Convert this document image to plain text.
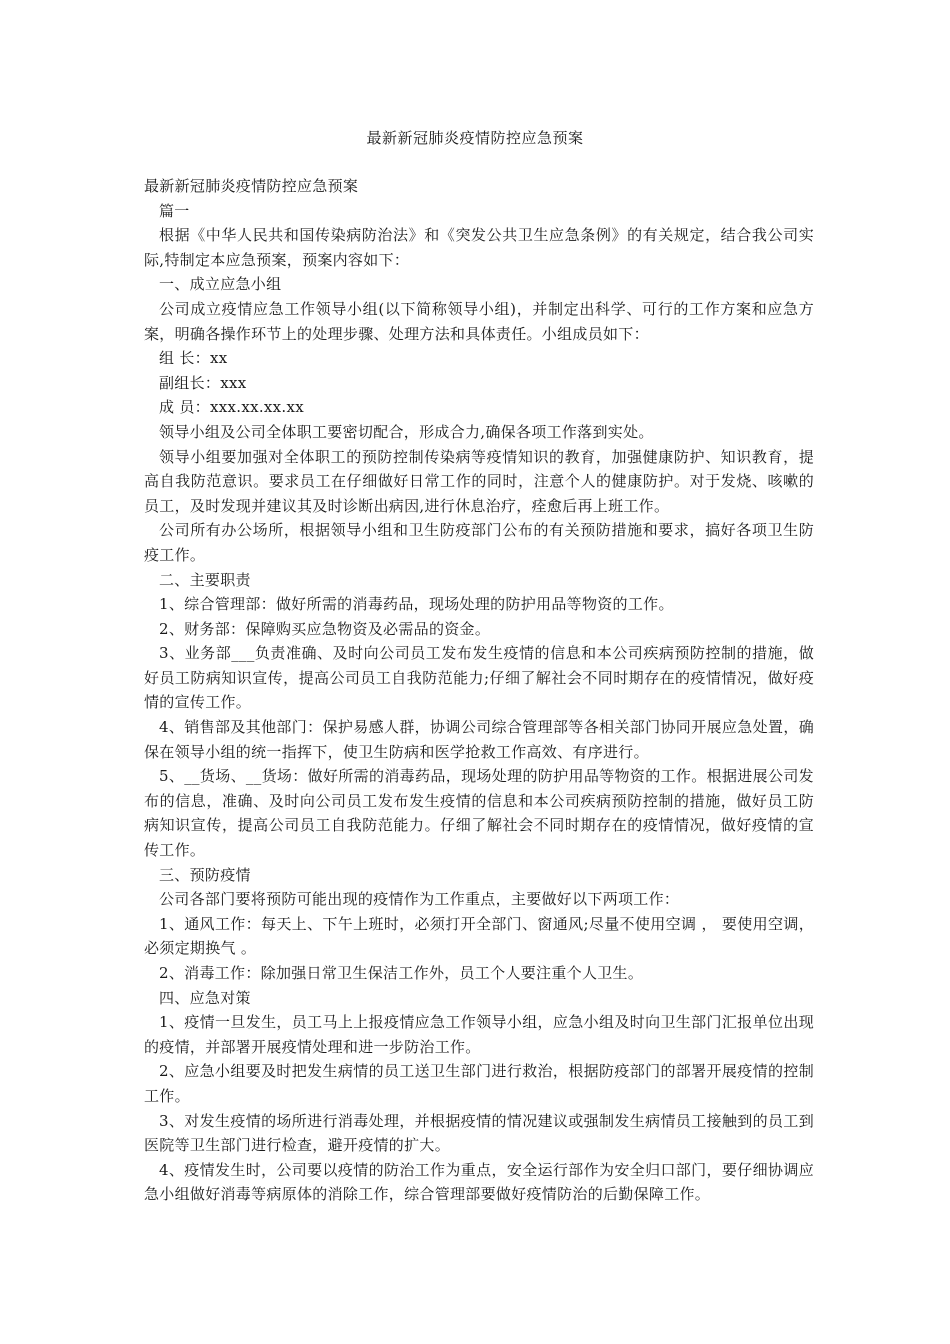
最新新冠肺炎疫情防控应急预案

最新新冠肺炎疫情防控应急预案

篇一

根据《中华人民共和国传染病防治法》和《突发公共卫生应急条例》的有关规定，结合我公司实际,特制定本应急预案，预案内容如下：

一、成立应急小组

公司成立疫情应急工作领导小组(以下简称领导小组)，并制定出科学、可行的工作方案和应急方案，明确各操作环节上的处理步骤、处理方法和具体责任。小组成员如下：

组 长：xx

副组长：xxx

成 员：xxx.xx.xx.xx

领导小组及公司全体职工要密切配合，形成合力,确保各项工作落到实处。

领导小组要加强对全体职工的预防控制传染病等疫情知识的教育，加强健康防护、知识教育，提高自我防范意识。要求员工在仔细做好日常工作的同时，注意个人的健康防护。对于发烧、咳嗽的员工，及时发现并建议其及时诊断出病因,进行休息治疗，痊愈后再上班工作。

公司所有办公场所，根据领导小组和卫生防疫部门公布的有关预防措施和要求，搞好各项卫生防疫工作。

二、主要职责

1、综合管理部：做好所需的消毒药品，现场处理的防护用品等物资的工作。

2、财务部：保障购买应急物资及必需品的资金。

3、业务部___负责准确、及时向公司员工发布发生疫情的信息和本公司疾病预防控制的措施，做好员工防病知识宣传，提高公司员工自我防范能力;仔细了解社会不同时期存在的疫情情况，做好疫情的宣传工作。

4、销售部及其他部门：保护易感人群，协调公司综合管理部等各相关部门协同开展应急处置，确保在领导小组的统一指挥下，使卫生防病和医学抢救工作高效、有序进行。

5、__货场、__货场：做好所需的消毒药品，现场处理的防护用品等物资的工作。根据进展公司发布的信息，准确、及时向公司员工发布发生疫情的信息和本公司疾病预防控制的措施，做好员工防病知识宣传，提高公司员工自我防范能力。仔细了解社会不同时期存在的疫情情况，做好疫情的宣传工作。

三、预防疫情

公司各部门要将预防可能出现的疫情作为工作重点，主要做好以下两项工作：

1、通风工作：每天上、下午上班时，必须打开全部门、窗通风;尽量不使用空调 ， 要使用空调，必须定期换气 。

2、消毒工作：除加强日常卫生保洁工作外，员工个人要注重个人卫生。

四、应急对策

1、疫情一旦发生，员工马上上报疫情应急工作领导小组，应急小组及时向卫生部门汇报单位出现的疫情，并部署开展疫情处理和进一步防治工作。

2、应急小组要及时把发生病情的员工送卫生部门进行救治，根据防疫部门的部署开展疫情的控制工作。

3、对发生疫情的场所进行消毒处理，并根据疫情的情况建议或强制发生病情员工接触到的员工到医院等卫生部门进行检查，避开疫情的扩大。

4、疫情发生时，公司要以疫情的防治工作为重点，安全运行部作为安全归口部门，要仔细协调应急小组做好消毒等病原体的消除工作，综合管理部要做好疫情防治的后勤保障工作。
